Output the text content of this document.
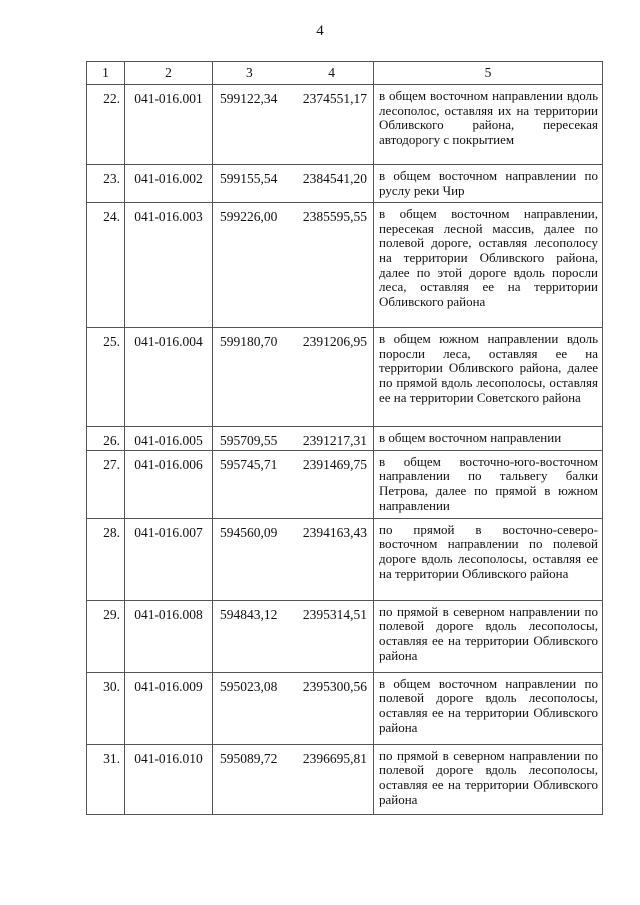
4
1	2	3 4	5
22.	041-016.001	599122,34 2374551,17	в общем восточном направлении вдоль лесополос, оставляя их на территории Обливского района, пересекая автодорогу с покрытием
23.	041-016.002	599155,54 2384541,20	в общем восточном направлении по руслу реки Чир
24.	041-016.003	599226,00 2385595,55	в общем восточном направлении, пересекая лесной массив, далее по полевой дороге, оставляя лесополосу на территории Обливского района, далее по этой дороге вдоль поросли леса, оставляя ее на территории Обливского района
25.	041-016.004	599180,70 2391206,95	в общем южном направлении вдоль поросли леса, оставляя ее на территории Обливского района, далее по прямой вдоль лесополосы, оставляя ее на территории Советского района
26.	041-016.005	595709,55 2391217,31	в общем восточном направлении
27.	041-016.006	595745,71 2391469,75	в общем восточно-юго-восточном направлении по тальвегу балки Петрова, далее по прямой в южном направлении
28.	041-016.007	594560,09 2394163,43	по прямой в восточно-северовосточном направлении по полевой дороге вдоль лесополосы, оставляя ее на территории Обливского района
29.	041-016.008	594843,12 2395314,51	по прямой в северном направлении по полевой дороге вдоль лесополосы, оставляя ее на территории Обливского района
30.	041-016.009	595023,08 2395300,56	в общем восточном направлении по полевой дороге вдоль лесополосы, оставляя ее на территории Обливского района
31.	041-016.010	595089,72 2396695,81	по прямой в северном направлении по полевой дороге вдоль лесополосы, оставляя ее на территории Обливского района
